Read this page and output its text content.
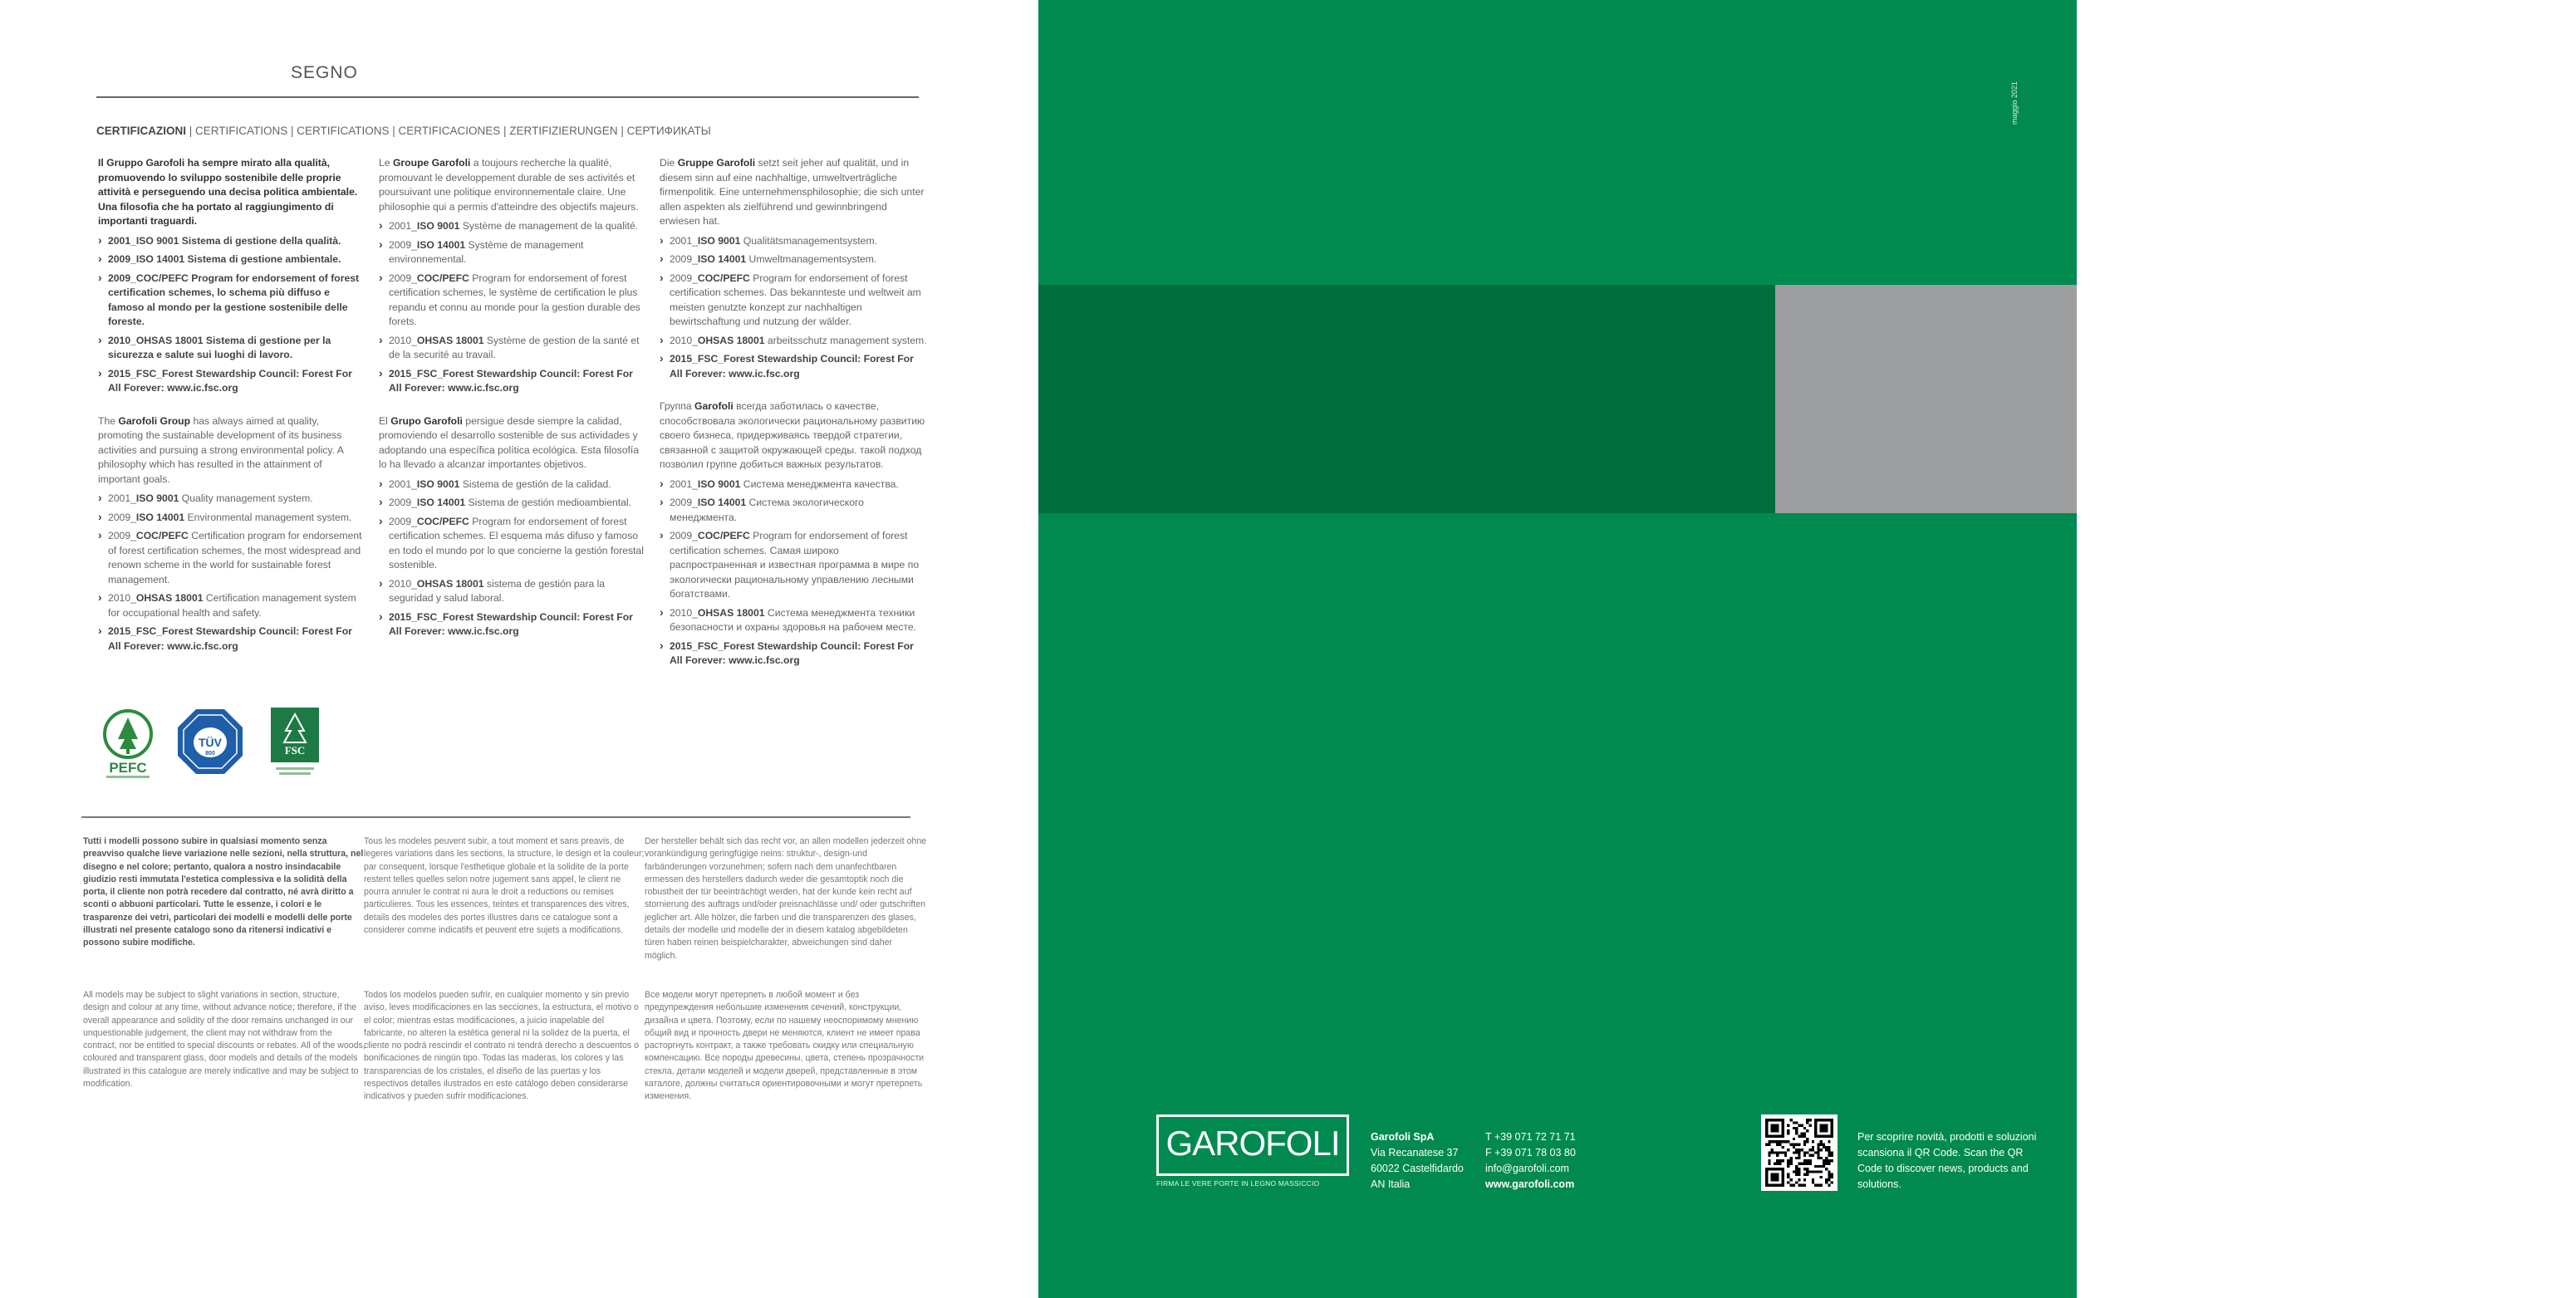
SEGNO
CERTIFICAZIONI | CERTIFICATIONS | CERTIFICATIONS | CERTIFICACIONES | ZERTIFIZIERUNGEN | СЕРТИФИКАТЫ
Il Gruppo Garofoli ha sempre mirato alla qualità, promuovendo lo sviluppo sostenibile delle proprie attività e perseguendo una decisa politica ambientale. Una filosofia che ha portato al raggiungimento di importanti traguardi.
› 2001_ISO 9001 Sistema di gestione della qualità.
› 2009_ISO 14001 Sistema di gestione ambientale.
› 2009_COC/PEFC Program for endorsement of forest certification schemes, lo schema più diffuso e famoso al mondo per la gestione sostenibile delle foreste.
› 2010_OHSAS 18001 Sistema di gestione per la sicurezza e salute sui luoghi di lavoro.
› 2015_FSC_Forest Stewardship Council: Forest For All Forever: www.ic.fsc.org
The Garofoli Group has always aimed at quality, promoting the sustainable development of its business activities and pursuing a strong environmental policy. A philosophy which has resulted in the attainment of important goals.
› 2001_ISO 9001 Quality management system.
› 2009_ISO 14001 Environmental management system.
› 2009_COC/PEFC Certification program for endorsement of forest certification schemes, the most widespread and renown scheme in the world for sustainable forest management.
› 2010_OHSAS 18001 Certification management system for occupational health and safety.
› 2015_FSC_Forest Stewardship Council: Forest For All Forever: www.ic.fsc.org
Le Groupe Garofoli a toujours recherche la qualité, promouvant le developpement durable de ses activités et poursuivant une politique environnementale claire. Une philosophie qui a permis d'atteindre des objectifs majeurs.
› 2001_ISO 9001 Système de management de la qualité.
› 2009_ISO 14001 Système de management environnemental.
› 2009_COC/PEFC Program for endorsement of forest certification schemes, le système de certification le plus repandu et connu au monde pour la gestion durable des forets.
› 2010_OHSAS 18001 Système de gestion de la santé et de la securité au travail.
› 2015_FSC_Forest Stewardship Council: Forest For All Forever: www.ic.fsc.org
El Grupo Garofoli persigue desde siempre la calidad, promoviendo el desarrollo sostenible de sus actividades y adoptando una específica política ecológica. Esta filosofía lo ha llevado a alcanzar importantes objetivos.
› 2001_ISO 9001 Sistema de gestión de la calidad.
› 2009_ISO 14001 Sistema de gestión medioambiental.
› 2009_COC/PEFC Program for endorsement of forest certification schemes. El esquema más difuso y famoso en todo el mundo por lo que concierne la gestión forestal sostenible.
› 2010_OHSAS 18001 sistema de gestión para la seguridad y salud laboral.
› 2015_FSC_Forest Stewardship Council: Forest For All Forever: www.ic.fsc.org
Die Gruppe Garofoli setzt seit jeher auf qualität, und in diesem sinn auf eine nachhaltige, umweltverträgliche firmenpolitik. Eine unternehmensphilosophie; die sich unter allen aspekten als zielführend und gewinnbringend erwiesen hat.
› 2001_ISO 9001 Qualitätsmanagementsystem.
› 2009_ISO 14001 Umweltmanagementsystem.
› 2009_COC/PEFC Program for endorsement of forest certification schemes. Das bekannteste und weltweit am meisten genutzte konzept zur nachhaltigen bewirtschaftung und nutzung der wälder.
› 2010_OHSAS 18001 arbeitsschutz management system.
› 2015_FSC_Forest Stewardship Council: Forest For All Forever: www.ic.fsc.org
Группа Garofoli всегда заботилась о качестве, способствовала экологически рациональному развитию своего бизнеса, придерживаясь твердой стратегии, связанной с защитой окружающей среды. такой подход позволил группе добиться важных результатов.
› 2001_ISO 9001 Система менеджмента качества.
› 2009_ISO 14001 Система экологического менеджмента.
› 2009_COC/PEFC Program for endorsement of forest certification schemes. Самая широко распространенная и известная программа в мире по экологически рациональному управлению лесными богатствами.
› 2010_OHSAS 18001 Система менеджмента техники безопасности и охраны здоровья на рабочем месте.
› 2015_FSC_Forest Stewardship Council: Forest For All Forever: www.ic.fsc.org
PEFC
TÜV
800	FSC
Tutti i modelli possono subire in qualsiasi momento senza preavviso qualche lieve variazione nelle sezioni, nella struttura, nel disegno e nel colore; pertanto, qualora a nostro insindacabile giudizio resti immutata l'estetica complessiva e la solidità della porta, il cliente non potrà recedere dal contratto, né avrà diritto a sconti o abbuoni particolari. Tutte le essenze, i colori e le trasparenze dei vetri, particolari dei modelli e modelli delle porte illustrati nel presente catalogo sono da ritenersi indicativi e possono subire modifiche.
Tous les modeles peuvent subir, a tout moment et sans preavis, de legeres variations dans les sections, la structure, le design et la couleur; par consequent, lorsque l'esthetique globale et la solidite de la porte restent telles quelles selon notre jugement sans appel, le client ne pourra annuler le contrat ni aura le droit a reductions ou remises particulieres. Tous les essences, teintes et transparences des vitres, details des modeles des portes illustres dans ce catalogue sont a considerer comme indicatifs et peuvent etre sujets a modifications.
Der hersteller behält sich das recht vor, an allen modellen jederzeit ohne vorankündigung geringfügige neins: struktur-, design-und farbänderungen vorzunehmen; sofern nach dem unanfechtbaren ermessen des herstellers dadurch weder die gesamtoptik noch die robustheit der tür beeinträchtigt werden, hat der kunde kein recht auf stornierung des auftrags und/oder preisnachlässe und/ oder gutschriften jeglicher art. Alle hölzer, die farben und die transparenzen des glases, details der modelle und modelle der in diesem katalog abgebildeten türen haben reinen beispielcharakter, abweichungen sind daher möglich.
All models may be subject to slight variations in section, structure, design and colour at any time, without advance notice; therefore, if the overall appearance and solidity of the door remains unchanged in our unquestionable judgement, the client may not withdraw from the contract, nor be entitled to special discounts or rebates. All of the woods, coloured and transparent glass, door models and details of the models illustrated in this catalogue are merely indicative and may be subject to modification.
Todos los modelos pueden sufrir, en cualquier momento y sin previo aviso, leves modificaciones en las secciones, la estructura, el motivo o el color; mientras estas modificaciones, a juicio inapelable del fabricante, no alteren la estética general ni la solidez de la puerta, el cliente no podrá rescindir el contrato ni tendrá derecho a descuentos o bonificaciones de ningún tipo. Todas las maderas, los colores y las transparencias de los cristales, el diseño de las puertas y los respectivos detalles ilustrados en este catálogo deben considerarse indicativos y pueden sufrir modificaciones.
Все модели могут претерпеть в любой момент и без предупреждения небольшие изменения сечений, конструкции, дизайна и цвета. Поэтому, если по нашему неоспоримому мнению общий вид и прочность двери не меняются, клиент не имеет права расторгнуть контракт, а также требовать скидку или специальную компенсацию. Все породы древесины, цвета, степень прозрачности стекла, детали моделей и модели дверей, представленные в этом каталоге, должны считаться ориентировочными и могут претерпеть изменения.
maggio 2021
DESIGN
DESIGN
DESIGN
DISEÑO
DESIGN
ДИЗАЙН
GAROFOLI
FIRMA LE VERE PORTE IN LEGNO MASSICCIO
Garofoli SpA
Via Recanatese 37
60022 Castelfidardo
AN Italia
T +39 071 72 71 71
F +39 071 78 03 80
info@garofoli.com
www.garofoli.com
Per scoprire novità, prodotti e soluzioni scansiona il QR Code. Scan the QR Code to discover news, products and solutions.
